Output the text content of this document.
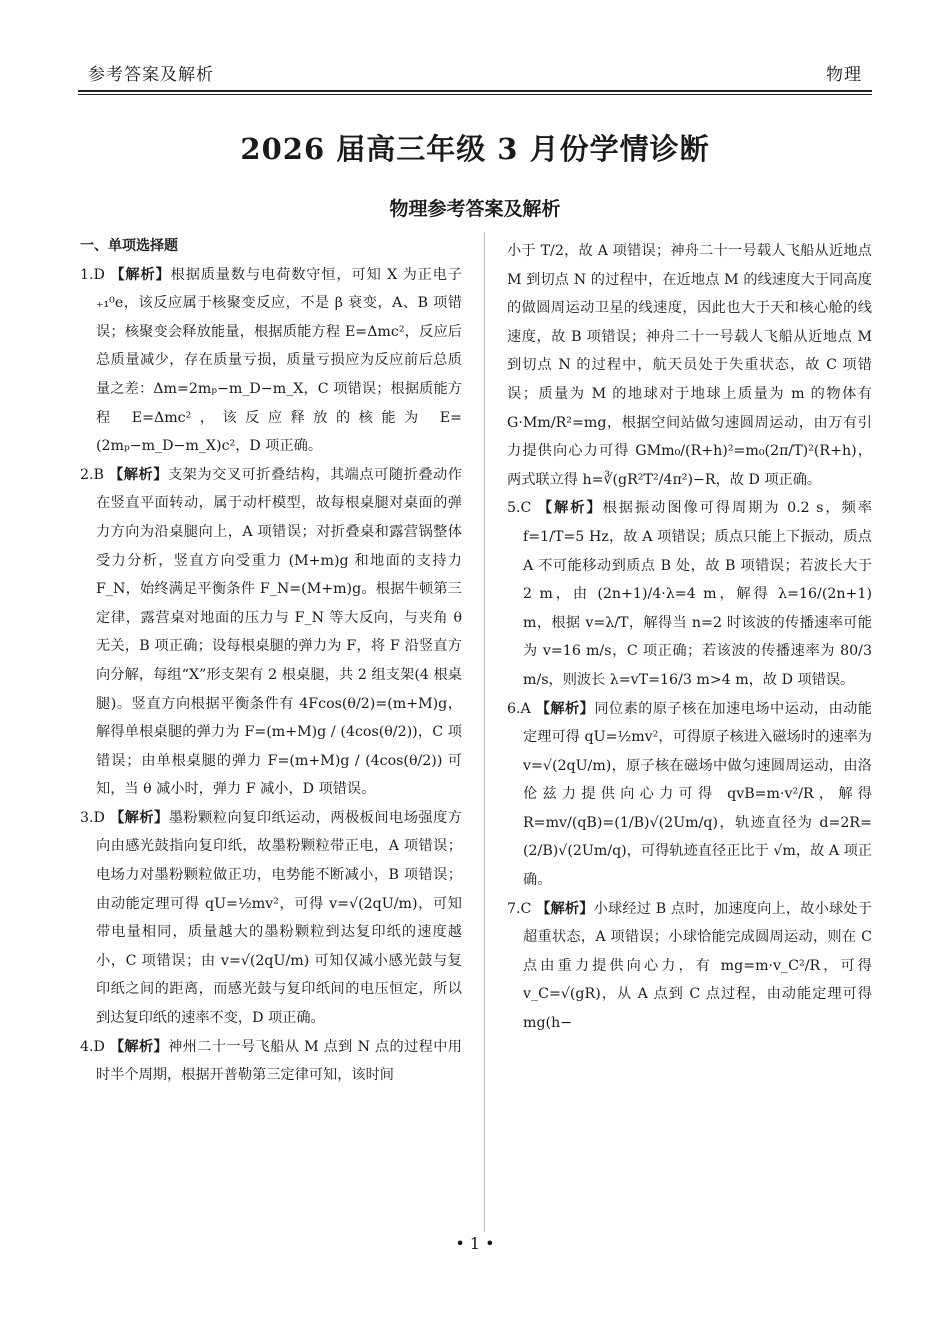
参考答案及解析	物理
2026 届高三年级 3 月份学情诊断
物理参考答案及解析
一、单项选择题

1.D 【解析】根据质量数与电荷数守恒，可知 X 为正电子 ₊₁⁰e，该反应属于核聚变反应，不是 β 衰变，A、B 项错误；核聚变会释放能量，根据质能方程 E=Δmc²，反应后总质量减少，存在质量亏损，质量亏损应为反应前后总质量之差：Δm=2mₚ−m_D−m_X，C 项错误；根据质能方程 E=Δmc²，该反应释放的核能为 E=(2mₚ−m_D−m_X)c²，D 项正确。

2.B 【解析】支架为交叉可折叠结构，其端点可随折叠动作在竖直平面转动，属于动杆模型，故每根桌腿对桌面的弹力方向为沿桌腿向上，A 项错误；对折叠桌和露营锅整体受力分析，竖直方向受重力 (M+m)g 和地面的支持力 F_N，始终满足平衡条件 F_N=(M+m)g。根据牛顿第三定律，露营桌对地面的压力与 F_N 等大反向，与夹角 θ 无关，B 项正确；设每根桌腿的弹力为 F，将 F 沿竖直方向分解，每组“X”形支架有 2 根桌腿，共 2 组支架(4 根桌腿)。竖直方向根据平衡条件有 4Fcos(θ/2)=(m+M)g，解得单根桌腿的弹力为 F=(m+M)g / (4cos(θ/2))，C 项错误；由单根桌腿的弹力 F=(m+M)g / (4cos(θ/2)) 可知，当 θ 减小时，弹力 F 减小，D 项错误。

3.D 【解析】墨粉颗粒向复印纸运动，两极板间电场强度方向由感光鼓指向复印纸，故墨粉颗粒带正电，A 项错误；电场力对墨粉颗粒做正功，电势能不断减小，B 项错误；由动能定理可得 qU=½mv²，可得 v=√(2qU/m)，可知带电量相同，质量越大的墨粉颗粒到达复印纸的速度越小，C 项错误；由 v=√(2qU/m) 可知仅减小感光鼓与复印纸之间的距离，而感光鼓与复印纸间的电压恒定，所以到达复印纸的速率不变，D 项正确。

4.D 【解析】神州二十一号飞船从 M 点到 N 点的过程中用时半个周期，根据开普勒第三定律可知，该时间

小于 T/2，故 A 项错误；神舟二十一号载人飞船从近地点 M 到切点 N 的过程中，在近地点 M 的线速度大于同高度的做圆周运动卫星的线速度，因此也大于天和核心舱的线速度，故 B 项错误；神舟二十一号载人飞船从近地点 M 到切点 N 的过程中，航天员处于失重状态，故 C 项错误；质量为 M 的地球对于地球上质量为 m 的物体有 G·Mm/R²=mg，根据空间站做匀速圆周运动，由万有引力提供向心力可得 GMm₀/(R+h)²=m₀(2π/T)²(R+h)，两式联立得 h=∛(gR²T²/4π²)−R，故 D 项正确。

5.C 【解析】根据振动图像可得周期为 0.2 s，频率 f=1/T=5 Hz，故 A 项错误；质点只能上下振动，质点 A 不可能移动到质点 B 处，故 B 项错误；若波长大于 2 m，由 (2n+1)/4·λ=4 m，解得 λ=16/(2n+1) m，根据 v=λ/T，解得当 n=2 时该波的传播速率可能为 v=16 m/s，C 项正确；若该波的传播速率为 80/3 m/s，则波长 λ=vT=16/3 m>4 m，故 D 项错误。

6.A 【解析】同位素的原子核在加速电场中运动，由动能定理可得 qU=½mv²，可得原子核进入磁场时的速率为 v=√(2qU/m)，原子核在磁场中做匀速圆周运动，由洛伦兹力提供向心力可得 qvB=m·v²/R，解得 R=mv/(qB)=(1/B)√(2Um/q)，轨迹直径为 d=2R=(2/B)√(2Um/q)，可得轨迹直径正比于 √m，故 A 项正确。

7.C 【解析】小球经过 B 点时，加速度向上，故小球处于超重状态，A 项错误；小球恰能完成圆周运动，则在 C 点由重力提供向心力，有 mg=m·v_C²/R，可得 v_C=√(gR)，从 A 点到 C 点过程，由动能定理可得 mg(h−

• 1 •
